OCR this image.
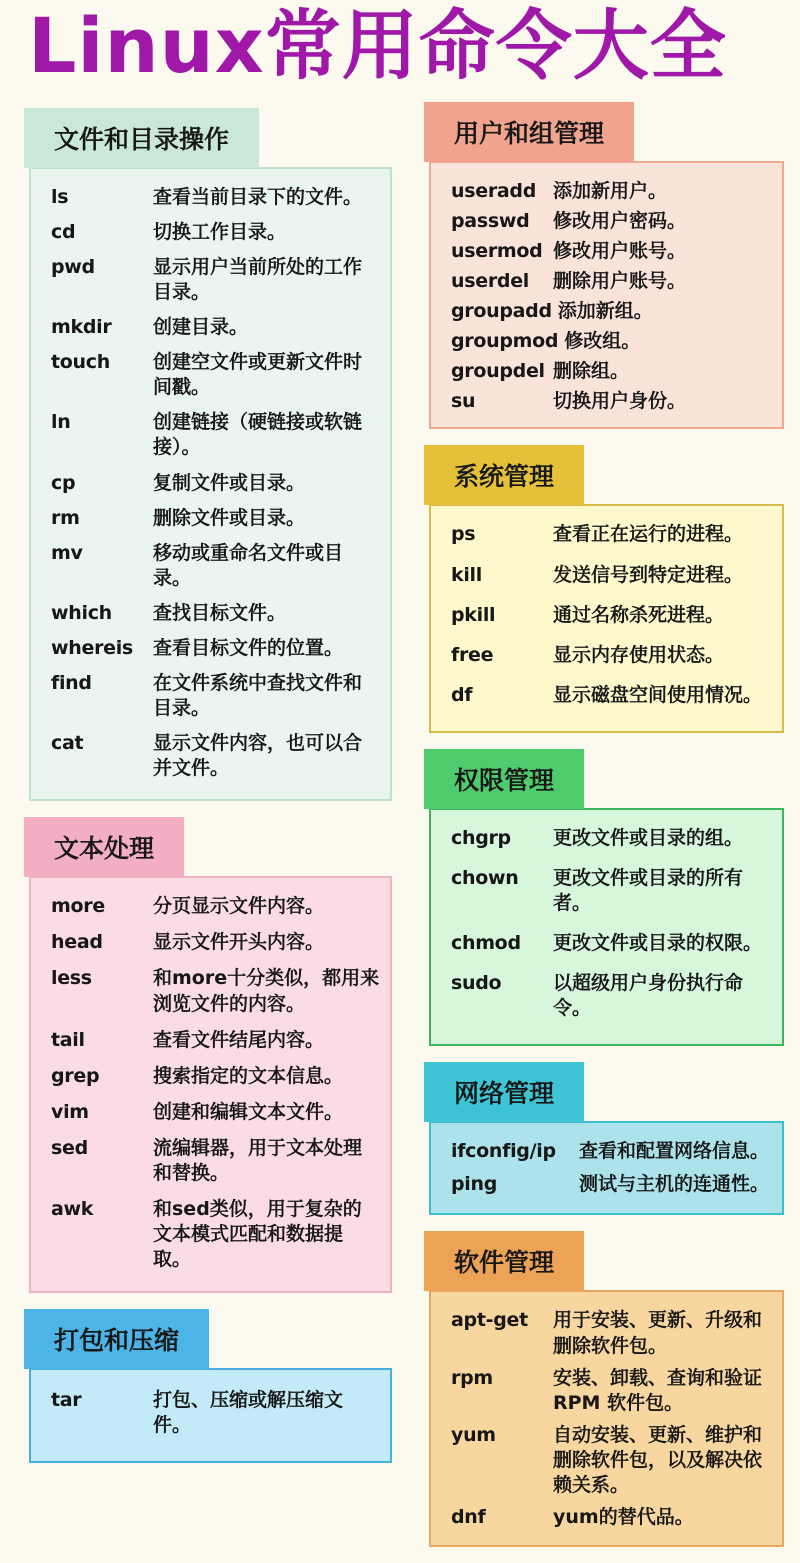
Linux常用命令大全
文件和目录操作
ls	查看当前目录下的文件。
cd	切换工作目录。
pwd	显示用户当前所处的工作目录。
mkdir	创建目录。
touch	创建空文件或更新文件时间戳。
ln	创建链接（硬链接或软链接）。
cp	复制文件或目录。
rm	删除文件或目录。
mv	移动或重命名文件或目录。
which	查找目标文件。
whereis	查看目标文件的位置。
find	在文件系统中查找文件和目录。
cat	显示文件内容，也可以合并文件。
文本处理
more	分页显示文件内容。
head	显示文件开头内容。
less	和more十分类似，都用来浏览文件的内容。
tail	查看文件结尾内容。
grep	搜索指定的文本信息。
vim	创建和编辑文本文件。
sed	流编辑器，用于文本处理和替换。
awk	和sed类似，用于复杂的文本模式匹配和数据提取。
打包和压缩
tar	打包、压缩或解压缩文件。
用户和组管理
useradd 添加新用户。
passwd	修改用户密码。
usermod 修改用户账号。
userdel	删除用户账号。
groupadd 添加新组。
groupmod 修改组。
groupdel 删除组。
su	切换用户身份。
系统管理
ps	查看正在运行的进程。
kill	发送信号到特定进程。
pkill	通过名称杀死进程。
free	显示内存使用状态。
df	显示磁盘空间使用情况。
权限管理
chgrp	更改文件或目录的组。
chown	更改文件或目录的所有者。
chmod	更改文件或目录的权限。
sudo	以超级用户身份执行命令。
网络管理
ifconfig/ip	查看和配置网络信息。
ping	测试与主机的连通性。
软件管理
apt-get	用于安装、更新、升级和删除软件包。
rpm	安装、卸载、查询和验证 RPM 软件包。
yum	自动安装、更新、维护和删除软件包，以及解决依赖关系。
dnf	yum的替代品。
